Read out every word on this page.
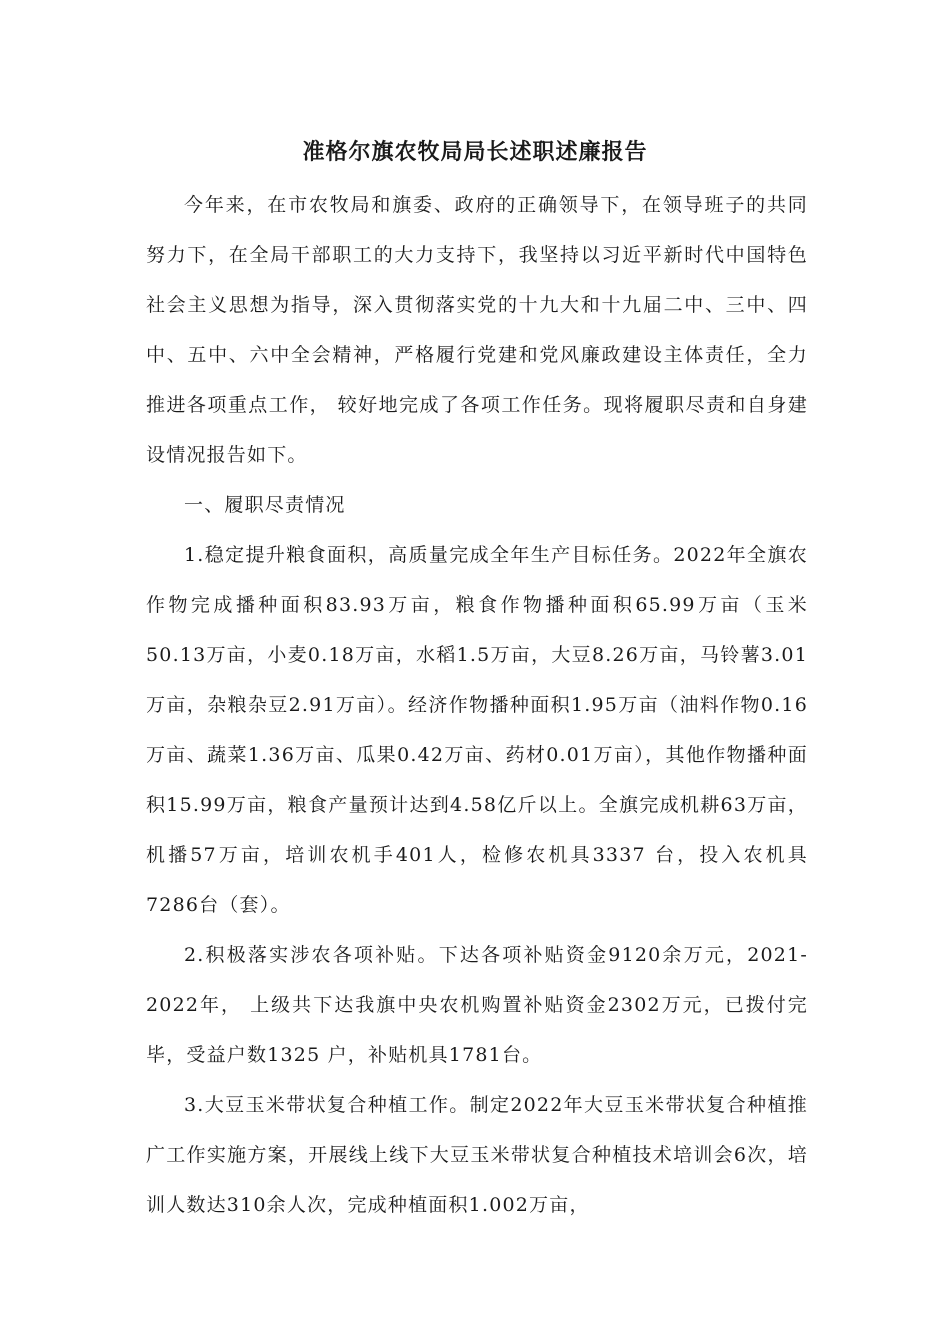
准格尔旗农牧局局长述职述廉报告

今年来，在市农牧局和旗委、政府的正确领导下，在领导班子的共同努力下，在全局干部职工的大力支持下，我坚持以习近平新时代中国特色社会主义思想为指导，深入贯彻落实党的十九大和十九届二中、三中、四中、五中、六中全会精神，严格履行党建和党风廉政建设主体责任，全力推进各项重点工作， 较好地完成了各项工作任务。现将履职尽责和自身建设情况报告如下。

一、履职尽责情况

1.稳定提升粮食面积，高质量完成全年生产目标任务。2022年全旗农作物完成播种面积83.93万亩，粮食作物播种面积65.99万亩（玉米50.13万亩，小麦0.18万亩，水稻1.5万亩，大豆8.26万亩，马铃薯3.01万亩，杂粮杂豆2.91万亩）。经济作物播种面积1.95万亩（油料作物0.16万亩、蔬菜1.36万亩、瓜果0.42万亩、药材0.01万亩），其他作物播种面积15.99万亩，粮食产量预计达到4.58亿斤以上。全旗完成机耕63万亩，机播57万亩，培训农机手401人，检修农机具3337 台，投入农机具7286台（套）。

2.积极落实涉农各项补贴。下达各项补贴资金9120余万元，2021-2022年， 上级共下达我旗中央农机购置补贴资金2302万元，已拨付完毕，受益户数1325 户，补贴机具1781台。

3.大豆玉米带状复合种植工作。制定2022年大豆玉米带状复合种植推广工作实施方案，开展线上线下大豆玉米带状复合种植技术培训会6次，培训人数达310余人次，完成种植面积1.002万亩，
